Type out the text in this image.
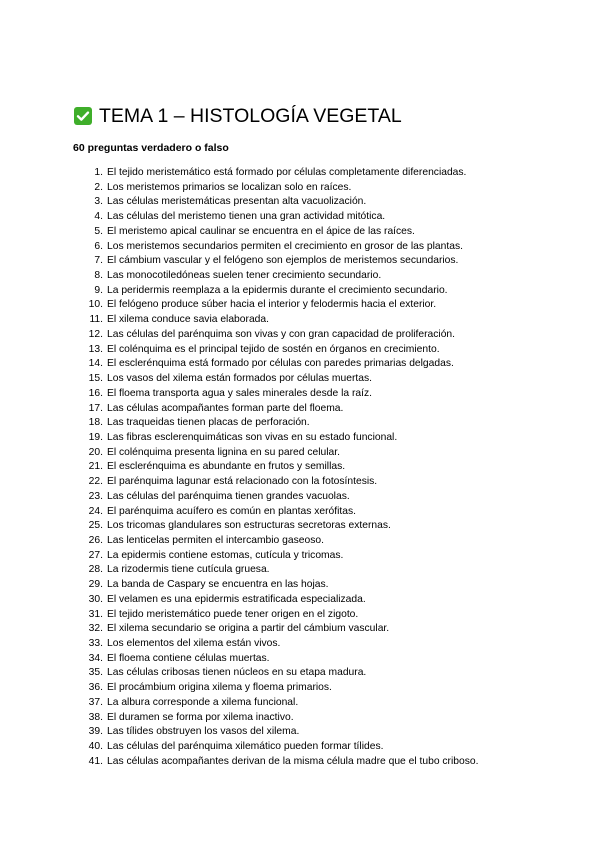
TEMA 1 – HISTOLOGÍA VEGETAL
60 preguntas verdadero o falso
1. El tejido meristemático está formado por células completamente diferenciadas.
2. Los meristemos primarios se localizan solo en raíces.
3. Las células meristemáticas presentan alta vacuolización.
4. Las células del meristemo tienen una gran actividad mitótica.
5. El meristemo apical caulinar se encuentra en el ápice de las raíces.
6. Los meristemos secundarios permiten el crecimiento en grosor de las plantas.
7. El cámbium vascular y el felógeno son ejemplos de meristemos secundarios.
8. Las monocotiledóneas suelen tener crecimiento secundario.
9. La peridermis reemplaza a la epidermis durante el crecimiento secundario.
10. El felógeno produce súber hacia el interior y felodermis hacia el exterior.
11. El xilema conduce savia elaborada.
12. Las células del parénquima son vivas y con gran capacidad de proliferación.
13. El colénquima es el principal tejido de sostén en órganos en crecimiento.
14. El esclerénquima está formado por células con paredes primarias delgadas.
15. Los vasos del xilema están formados por células muertas.
16. El floema transporta agua y sales minerales desde la raíz.
17. Las células acompañantes forman parte del floema.
18. Las traqueidas tienen placas de perforación.
19. Las fibras esclerenquimáticas son vivas en su estado funcional.
20. El colénquima presenta lignina en su pared celular.
21. El esclerénquima es abundante en frutos y semillas.
22. El parénquima lagunar está relacionado con la fotosíntesis.
23. Las células del parénquima tienen grandes vacuolas.
24. El parénquima acuífero es común en plantas xerófitas.
25. Los tricomas glandulares son estructuras secretoras externas.
26. Las lenticelas permiten el intercambio gaseoso.
27. La epidermis contiene estomas, cutícula y tricomas.
28. La rizodermis tiene cutícula gruesa.
29. La banda de Caspary se encuentra en las hojas.
30. El velamen es una epidermis estratificada especializada.
31. El tejido meristemático puede tener origen en el zigoto.
32. El xilema secundario se origina a partir del cámbium vascular.
33. Los elementos del xilema están vivos.
34. El floema contiene células muertas.
35. Las células cribosas tienen núcleos en su etapa madura.
36. El procámbium origina xilema y floema primarios.
37. La albura corresponde a xilema funcional.
38. El duramen se forma por xilema inactivo.
39. Las tílides obstruyen los vasos del xilema.
40. Las células del parénquima xilemático pueden formar tílides.
41. Las células acompañantes derivan de la misma célula madre que el tubo criboso.
